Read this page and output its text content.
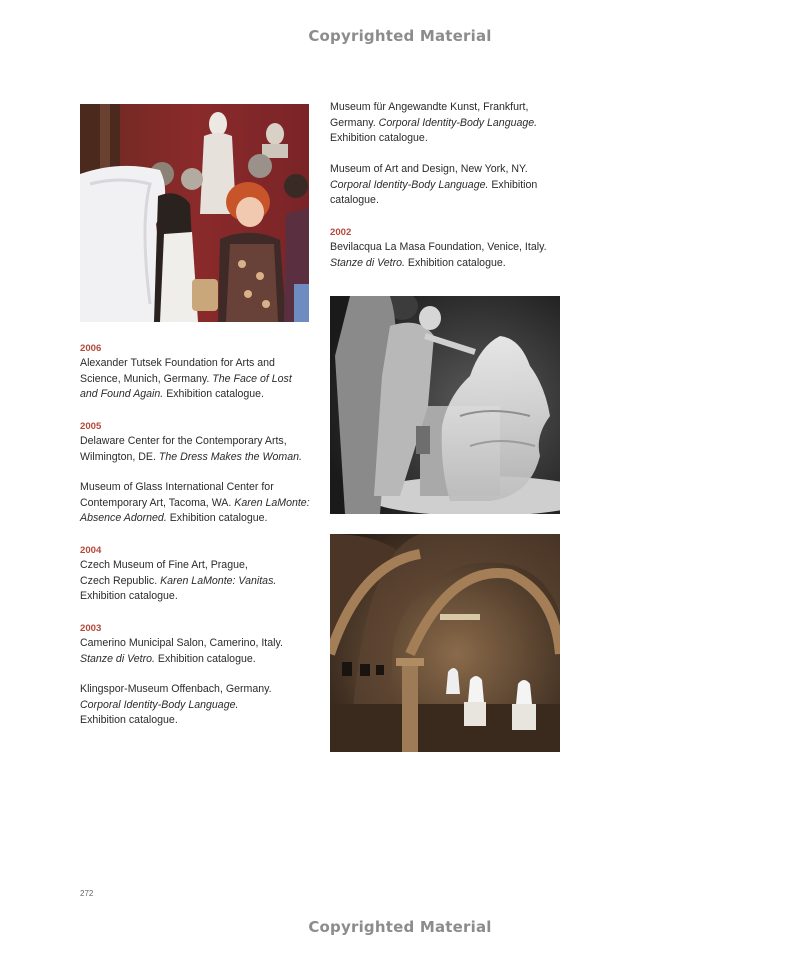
Copyrighted Material
2006
Alexander Tutsek Foundation for Arts and
Science, Munich, Germany. The Face of Lost
and Found Again. Exhibition catalogue.
2005
Delaware Center for the Contemporary Arts,
Wilmington, DE. The Dress Makes the Woman.
Museum of Glass International Center for
Contemporary Art, Tacoma, WA. Karen LaMonte:
Absence Adorned. Exhibition catalogue.
2004
Czech Museum of Fine Art, Prague,
Czech Republic. Karen LaMonte: Vanitas.
Exhibition catalogue.
2003
Camerino Municipal Salon, Camerino, Italy.
Stanze di Vetro. Exhibition catalogue.
Klingspor-Museum Offenbach, Germany.
Corporal Identity-Body Language.
Exhibition catalogue.
Museum für Angewandte Kunst, Frankfurt,
Germany. Corporal Identity-Body Language.
Exhibition catalogue.
Museum of Art and Design, New York, NY.
Corporal Identity-Body Language. Exhibition
catalogue.
2002
Bevilacqua La Masa Foundation, Venice, Italy.
Stanze di Vetro. Exhibition catalogue.
272
Copyrighted Material
